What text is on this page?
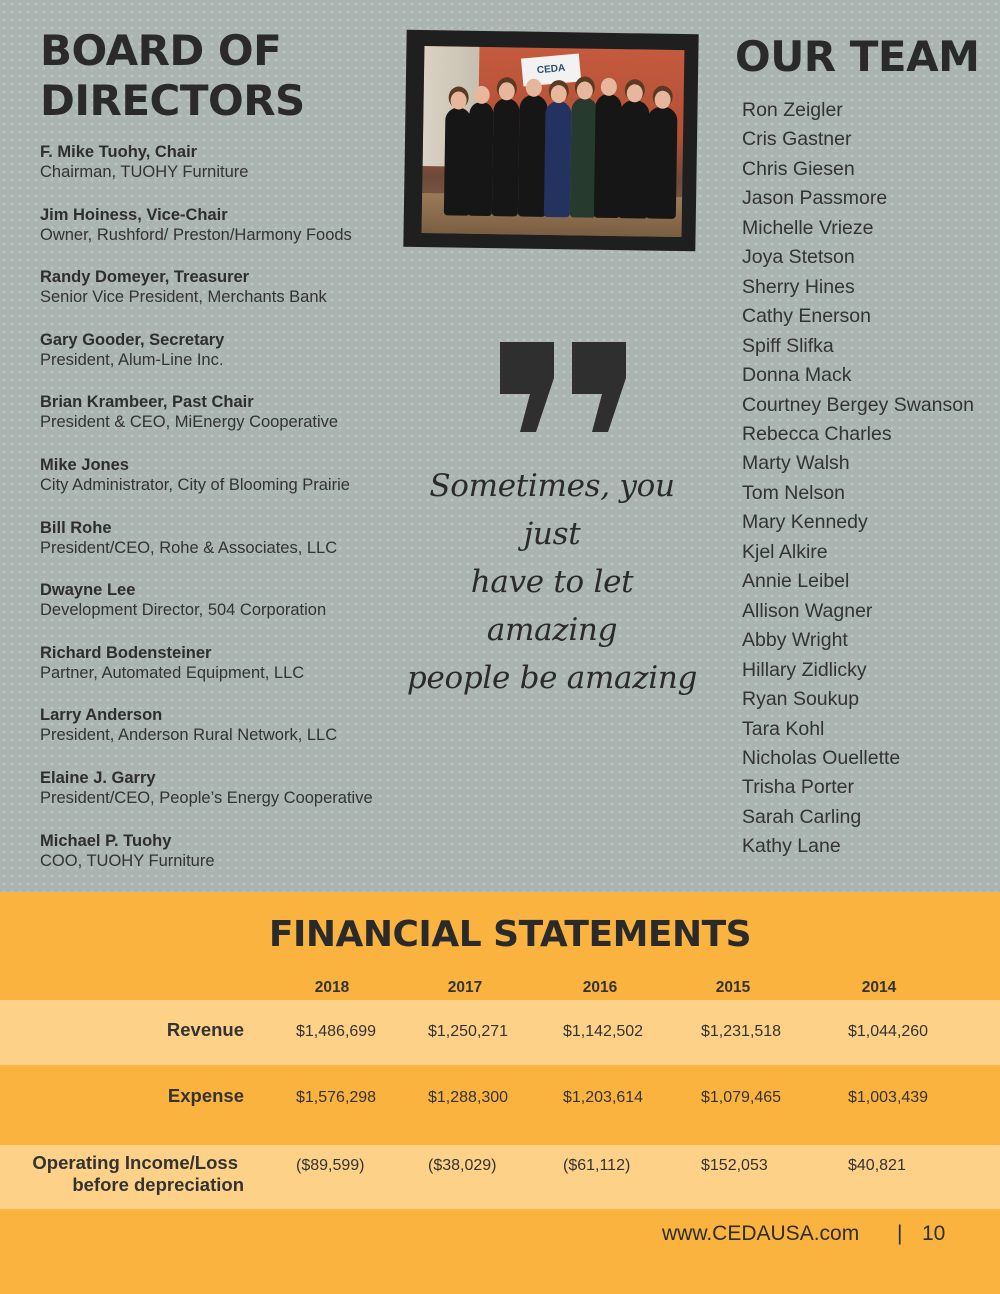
BOARD OF
DIRECTORS
F. Mike Tuohy, Chair
Chairman, TUOHY Furniture
Jim Hoiness, Vice-Chair
Owner, Rushford/ Preston/Harmony Foods
Randy Domeyer, Treasurer
Senior Vice President, Merchants Bank
Gary Gooder, Secretary
President, Alum-Line Inc.
Brian Krambeer, Past Chair
President & CEO, MiEnergy Cooperative
Mike Jones
City Administrator, City of Blooming Prairie
Bill Rohe
President/CEO, Rohe & Associates, LLC
Dwayne Lee
Development Director, 504 Corporation
Richard Bodensteiner
Partner, Automated Equipment, LLC
Larry Anderson
President, Anderson Rural Network, LLC
Elaine J. Garry
President/CEO, People’s Energy Cooperative
Michael P. Tuohy
COO, TUOHY Furniture
CEDA
Sometimes, you just
have to let amazing
people be amazing
OUR TEAM
Ron Zeigler
Cris Gastner
Chris Giesen
Jason Passmore
Michelle Vrieze
Joya Stetson
Sherry Hines
Cathy Enerson
Spiff Slifka
Donna Mack
Courtney Bergey Swanson
Rebecca Charles
Marty Walsh
Tom Nelson
Mary Kennedy
Kjel Alkire
Annie Leibel
Allison Wagner
Abby Wright
Hillary Zidlicky
Ryan Soukup
Tara Kohl
Nicholas Ouellette
Trisha Porter
Sarah Carling
Kathy Lane
FINANCIAL STATEMENTS
2018	2017	2016	2015	2014
Revenue	$1,486,699	$1,250,271	$1,142,502	$1,231,518	$1,044,260
Expense	$1,576,298	$1,288,300	$1,203,614	$1,079,465	$1,003,439
Operating Income/Loss
before depreciation
($89,599)	($38,029)	($61,112)	$152,053	$40,821
www.CEDAUSA.com | 10
